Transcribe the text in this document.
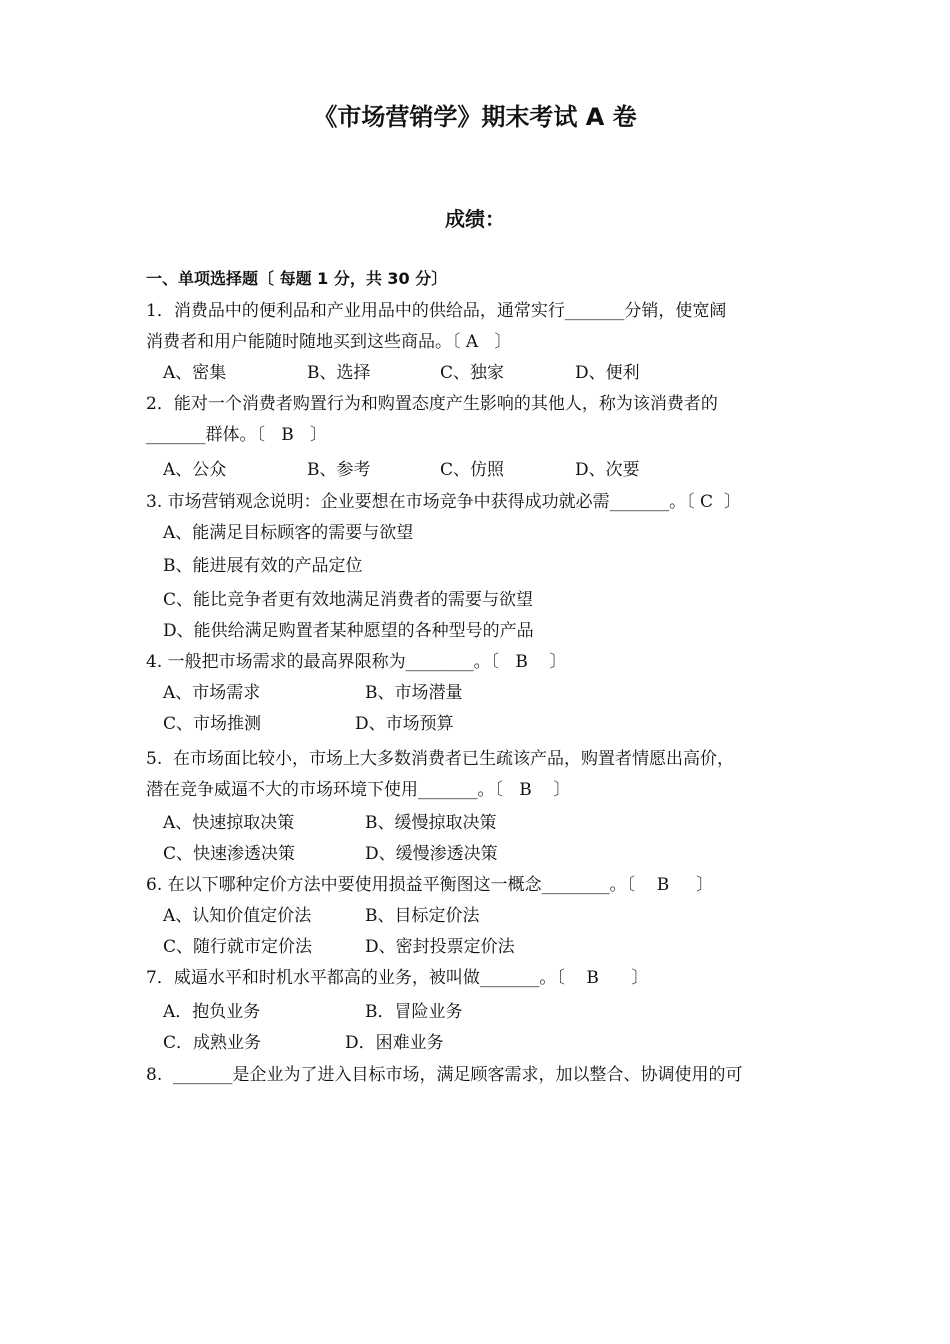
《市场营销学》期末考试 A 卷
成绩：
一、单项选择题〔 每题 1 分，共 30 分〕
1．消费品中的便利品和产业用品中的供给品，通常实行_______分销，使宽阔
消费者和用户能随时随地买到这些商品。〔 A   〕
A、密集	B、选择	C、独家	D、便利
2．能对一个消费者购置行为和购置态度产生影响的其他人，称为该消费者的
_______群体。〔   B   〕
A、公众	B、参考	C、仿照	D、次要
3. 市场营销观念说明：企业要想在市场竞争中获得成功就必需_______。〔 C  〕
A、能满足目标顾客的需要与欲望
B、能进展有效的产品定位
C、能比竞争者更有效地满足消费者的需要与欲望
D、能供给满足购置者某种愿望的各种型号的产品
4. 一般把市场需求的最高界限称为________。〔   B    〕
A、市场需求	B、市场潜量
C、市场推测	D、市场预算
5.  在市场面比较小，市场上大多数消费者已生疏该产品，购置者情愿出高价，
潜在竞争威逼不大的市场环境下使用_______。〔   B    〕
A、快速掠取决策	B、缓慢掠取决策
C、快速渗透决策	D、缓慢渗透决策
6. 在以下哪种定价方法中要使用损益平衡图这一概念________。〔    B     〕
A、认知价值定价法	B、目标定价法
C、随行就市定价法	D、密封投票定价法
7．威逼水平和时机水平都高的业务，被叫做_______。〔    B      〕
A．抱负业务	B．冒险业务
C．成熟业务	D．困难业务
8.  _______是企业为了进入目标市场，满足顾客需求，加以整合、协调使用的可
